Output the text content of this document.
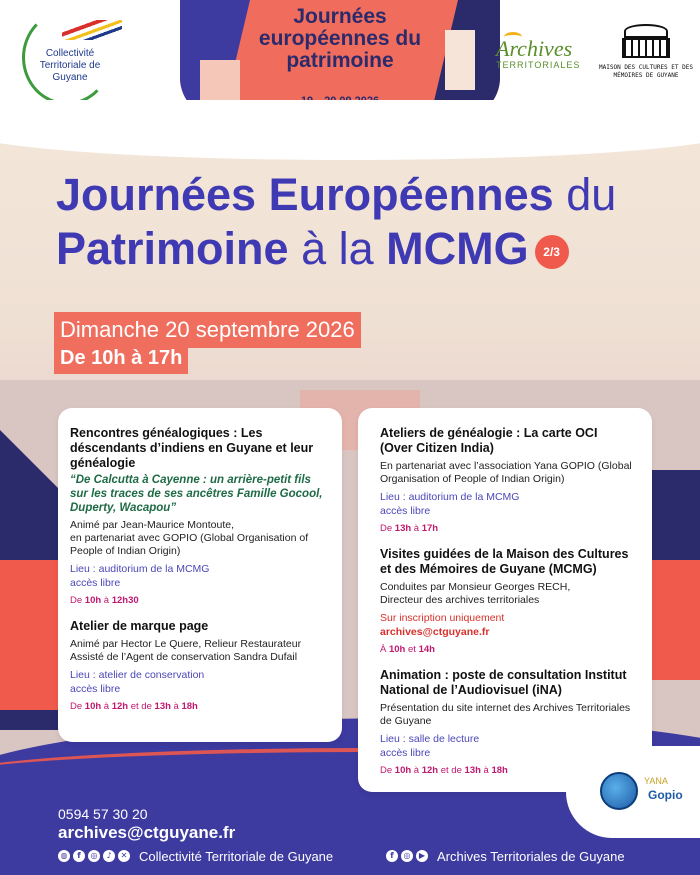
Collectivité Territoriale de Guyane
Journées européennes du patrimoine	Archives
TERRITORIALES	MAISON DES CULTURES ET DES MÉMOIRES DE GUYANE
Journées Européennes du
Patrimoine à la MCMG 2/3
Dimanche 20 septembre 2026
De 10h à 17h
Rencontres généalogiques : Les déscendants d’indiens en Guyane et leur généalogie
“De Calcutta à Cayenne : un arrière-petit fils sur les traces de ses ancêtres Famille Gocool, Duperty, Wacapou”
Animé par Jean-Maurice Montoute,
en partenariat avec GOPIO (Global Organisation of People of Indian Origin)
Lieu : auditorium de la MCMG
accès libre
De 10h à 12h30
Atelier de marque page
Animé par Hector Le Quere, Relieur Restaurateur
Assisté de l’Agent de conservation Sandra Dufail
Lieu : atelier de conservation
accès libre
De 10h à 12h et de 13h à 18h
Ateliers de généalogie : La carte OCI (Over Citizen India)
En partenariat avec l’association Yana GOPIO (Global Organisation of People of Indian Origin)
Lieu : auditorium de la MCMG
accès libre
De 13h à 17h
Visites guidées de la Maison des Cultures et des Mémoires de Guyane (MCMG)
Conduites par Monsieur Georges RECH,
Directeur des archives territoriales
Sur inscription uniquement
archives@ctguyane.fr
À 10h et 14h
Animation : poste de consultation Institut National de l’Audiovisuel (iNA)
Présentation du site internet des Archives Territoriales de Guyane
Lieu : salle de lecture
accès libre
De 10h à 12h et de 13h à 18h
YANA
Gopio
0594 57 30 20
archives@ctguyane.fr
◍	f	◎	♪	✕ Collectivité Territoriale de Guyane	f	◎	▶ Archives Territoriales de Guyane
